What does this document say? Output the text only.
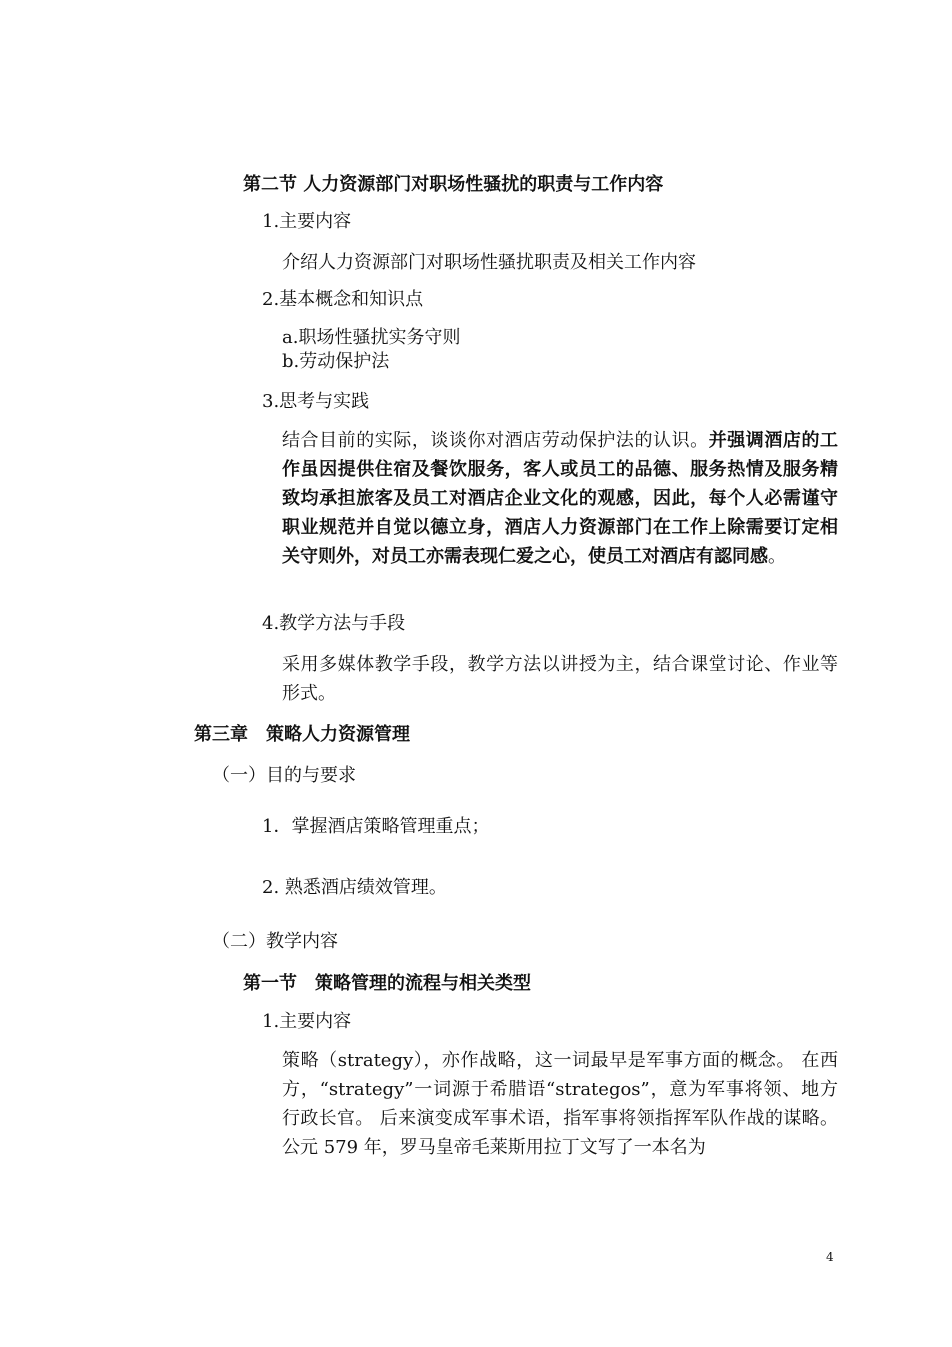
第二节 人力资源部门对职场性骚扰的职责与工作内容
1.主要内容
介绍人力资源部门对职场性骚扰职责及相关工作内容
2.基本概念和知识点
a.职场性骚扰实务守则
b.劳动保护法
3.思考与实践
结合目前的实际，谈谈你对酒店劳动保护法的认识。并强调酒店的工作虽因提供住宿及餐饮服务，客人或员工的品德、服务热情及服务精致均承担旅客及员工对酒店企业文化的观感，因此，每个人必需谨守职业规范并自觉以德立身，酒店人力资源部门在工作上除需要订定相关守则外，对员工亦需表现仁爱之心，使员工对酒店有認同感。
4.教学方法与手段
采用多媒体教学手段，教学方法以讲授为主，结合课堂讨论、作业等形式。
第三章　策略人力资源管理
（一）目的与要求
1．掌握酒店策略管理重点；
2. 熟悉酒店绩效管理。
（二）教学内容
第一节　策略管理的流程与相关类型
1.主要内容
策略（strategy），亦作战略，这一词最早是军事方面的概念。 在西方，“strategy”一词源于希腊语“strategos”，意为军事将领、地方行政长官。 后来演变成军事术语，指军事将领指挥军队作战的谋略。 公元 579 年，罗马皇帝毛莱斯用拉丁文写了一本名为
4
